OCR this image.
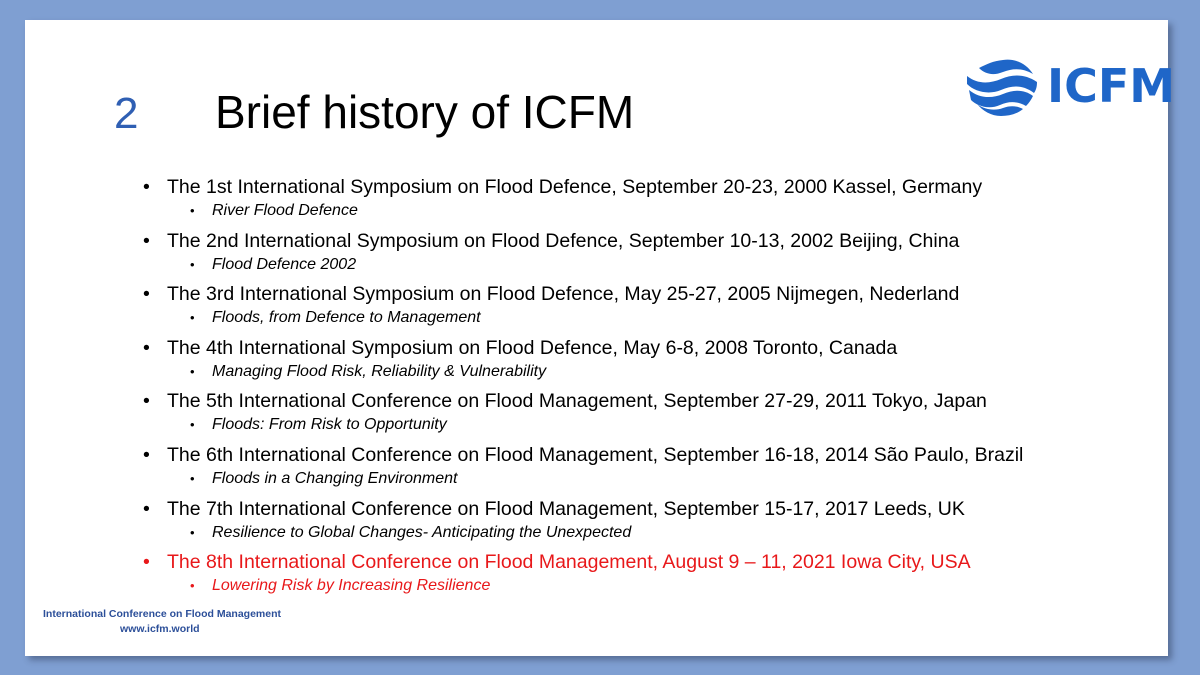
2 Brief history of ICFM	ICFM
• The 1st International Symposium on Flood Defence, September 20-23, 2000 Kassel, Germany
• River Flood Defence
• The 2nd International Symposium on Flood Defence, September 10-13, 2002 Beijing, China
• Flood Defence 2002
• The 3rd International Symposium on Flood Defence, May 25-27, 2005 Nijmegen, Nederland
• Floods, from Defence to Management
• The 4th International Symposium on Flood Defence, May 6-8, 2008 Toronto, Canada
• Managing Flood Risk, Reliability & Vulnerability
• The 5th International Conference on Flood Management, September 27-29, 2011 Tokyo, Japan
• Floods: From Risk to Opportunity
• The 6th International Conference on Flood Management, September 16-18, 2014 São Paulo, Brazil
• Floods in a Changing Environment
• The 7th International Conference on Flood Management, September 15-17, 2017 Leeds, UK
• Resilience to Global Changes- Anticipating the Unexpected
• The 8th International Conference on Flood Management, August 9 – 11, 2021 Iowa City, USA
• Lowering Risk by Increasing Resilience
International Conference on Flood Management
www.icfm.world
